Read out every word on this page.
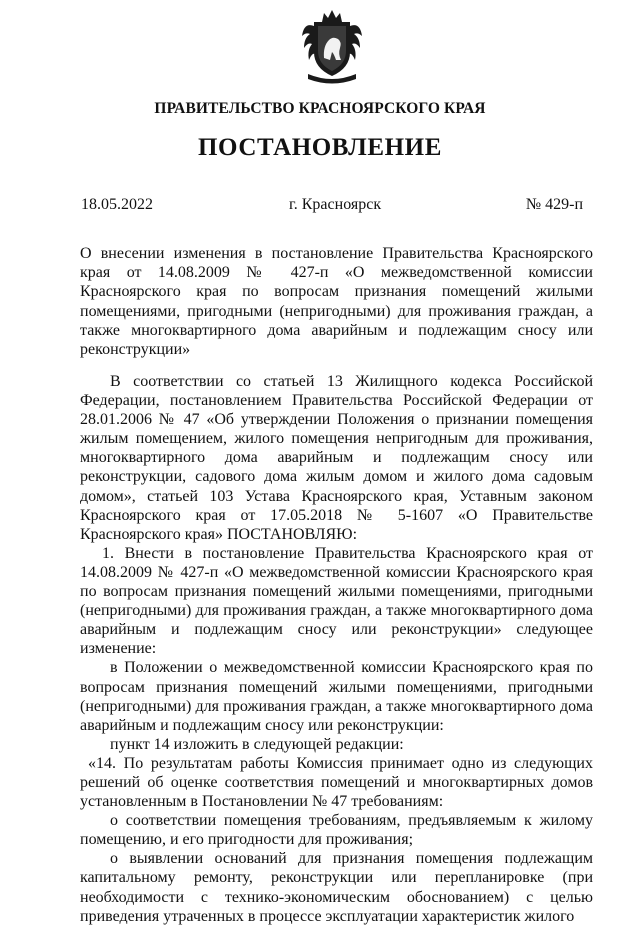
ПРАВИТЕЛЬСТВО КРАСНОЯРСКОГО КРАЯ
ПОСТАНОВЛЕНИЕ
18.05.2022	г. Красноярск	№ 429-п
О внесении изменения в постановление Правительства Красноярского края от 14.08.2009 № 427-п «О межведомственной комиссии Красноярского края по вопросам признания помещений жилыми помещениями, пригодными (непригодными) для проживания граждан, а также многоквартирного дома аварийным и подлежащим сносу или реконструкции»

В соответствии со статьей 13 Жилищного кодекса Российской Федерации, постановлением Правительства Российской Федерации от 28.01.2006 № 47 «Об утверждении Положения о признании помещения жилым помещением, жилого помещения непригодным для проживания, многоквартирного дома аварийным и подлежащим сносу или реконструкции, садового дома жилым домом и жилого дома садовым домом», статьей 103 Устава Красноярского края, Уставным законом Красноярского края от 17.05.2018 № 5-1607 «О Правительстве Красноярского края» ПОСТАНОВЛЯЮ:

1. Внести в постановление Правительства Красноярского края от 14.08.2009 № 427-п «О межведомственной комиссии Красноярского края по вопросам признания помещений жилыми помещениями, пригодными (непригодными) для проживания граждан, а также многоквартирного дома аварийным и подлежащим сносу или реконструкции» следующее изменение:

в Положении о межведомственной комиссии Красноярского края по вопросам признания помещений жилыми помещениями, пригодными (непригодными) для проживания граждан, а также многоквартирного дома аварийным и подлежащим сносу или реконструкции:

пункт 14 изложить в следующей редакции:

«14. По результатам работы Комиссия принимает одно из следующих решений об оценке соответствия помещений и многоквартирных домов установленным в Постановлении № 47 требованиям:

о соответствии помещения требованиям, предъявляемым к жилому помещению, и его пригодности для проживания;

о выявлении оснований для признания помещения подлежащим капитальному ремонту, реконструкции или перепланировке (при необходимости с технико-экономическим обоснованием) с целью приведения утраченных в процессе эксплуатации характеристик жилого
